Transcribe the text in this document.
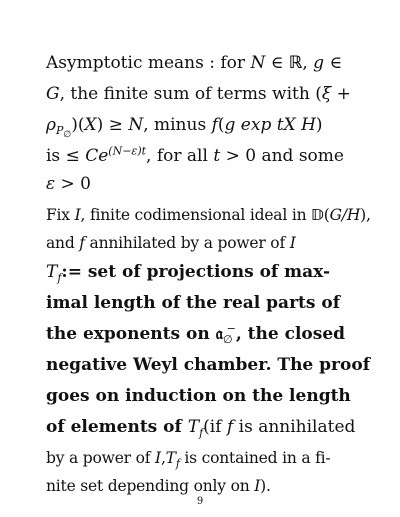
Asymptotic means : for N ∈ ℝ, g ∈
G, the finite sum of terms with (ξ +
$\rho_{P_\emptyset})(X) \ge N$, minus f(g exp tX H)
is ≤ $Ce^{(N-\varepsilon)t}$, for all t > 0 and some
ε > 0
Fix I, finite codimensional ideal in 𝔻(G/H),
and f annihilated by a power of I
$T_f:=$ set of projections of max-
imal length of the real parts of
the exponents on 𝔞$_\emptyset$−, the closed
negative Weyl chamber. The proof
goes on induction on the length
of elements of $T_f(if$ f is annihilated
by a power of $I,T_f$ is contained in a fi-
nite set depending only on I).
9
